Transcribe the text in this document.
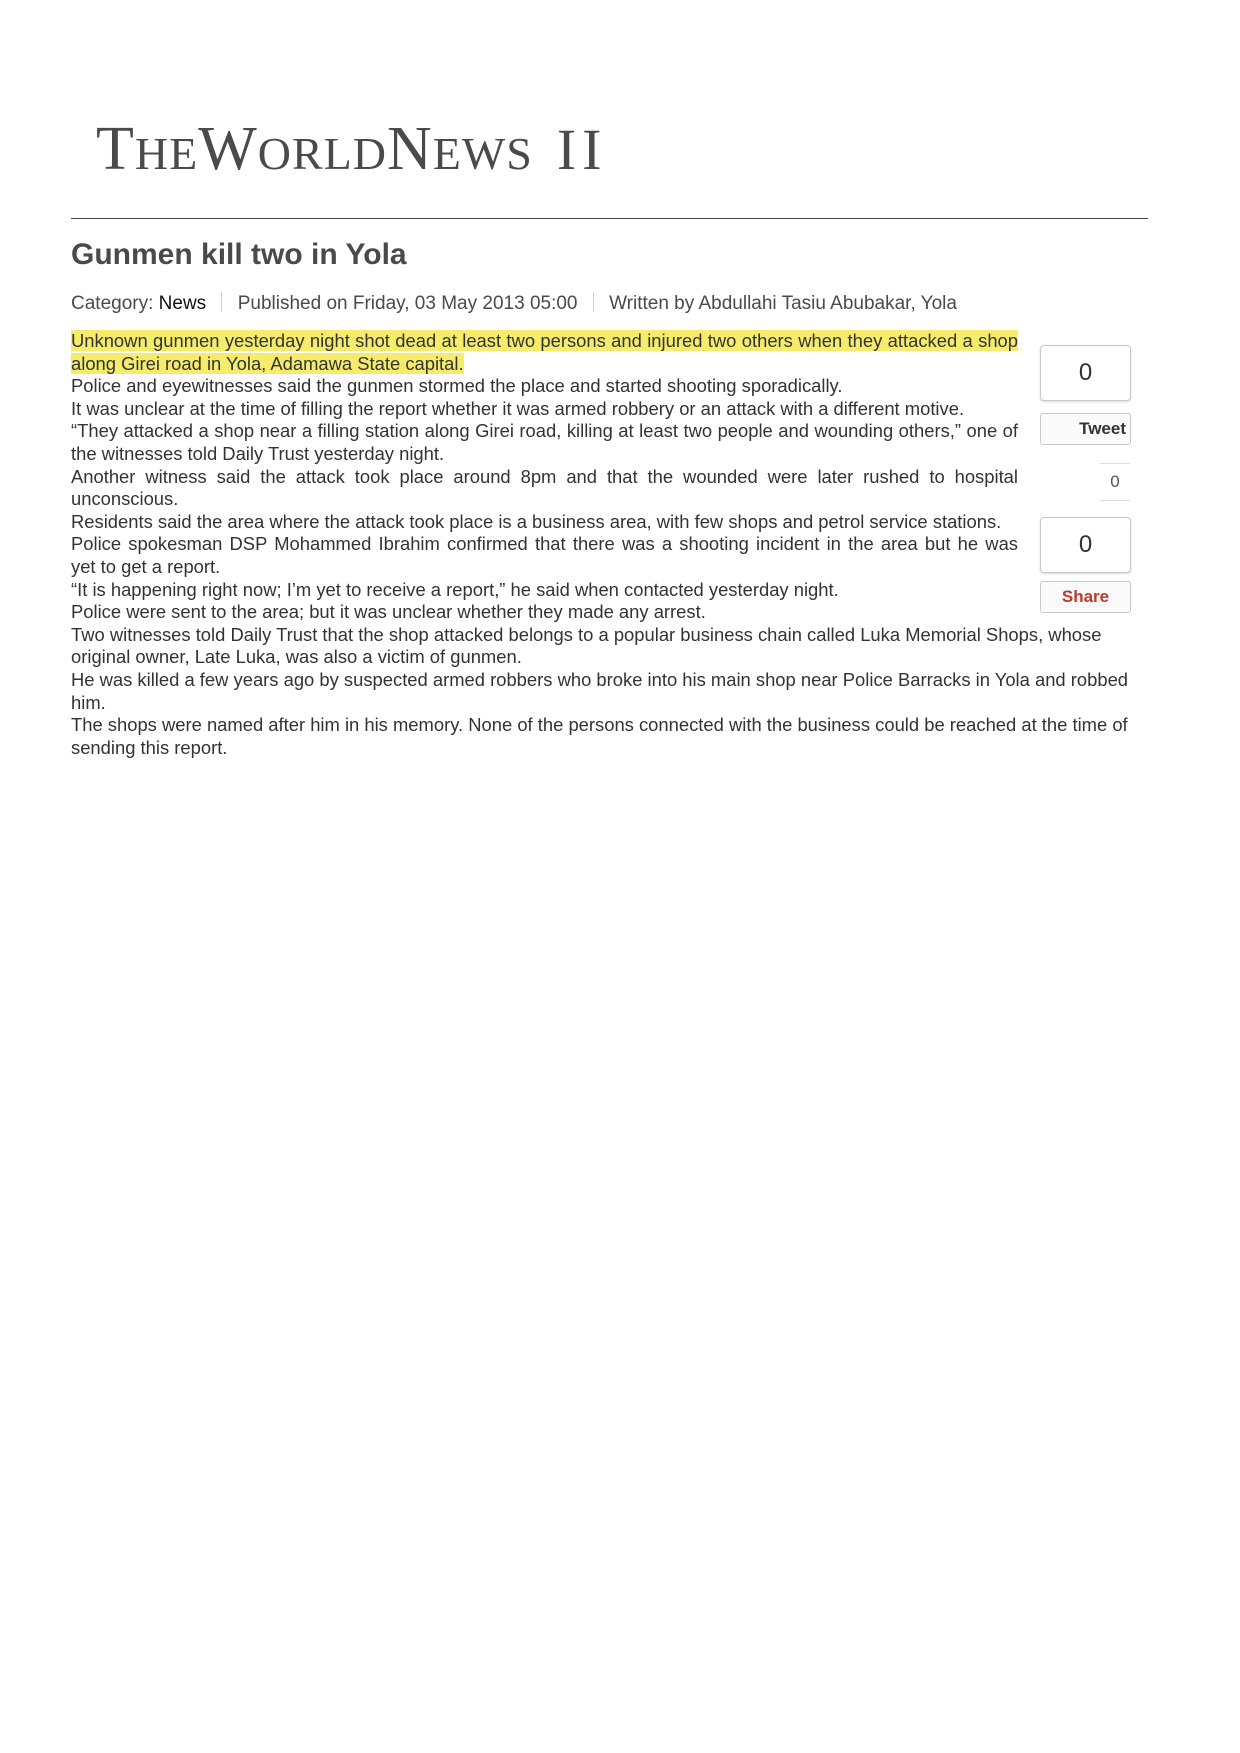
THEWORLDNEWS II
Gunmen kill two in Yola
Category: News Published on Friday, 03 May 2013 05:00 Written by Abdullahi Tasiu Abubakar, Yola

Unknown gunmen yesterday night shot dead at least two persons and injured two others when they attacked a shop along Girei road in Yola, Adamawa State capital.

Police and eyewitnesses said the gunmen stormed the place and started shooting sporadically.

It was unclear at the time of filling the report whether it was armed robbery or an attack with a different motive.

“They attacked a shop near a filling station along Girei road, killing at least two people and wounding others,” one of the witnesses told Daily Trust yesterday night.

Another witness said the attack took place around 8pm and that the wounded were later rushed to hospital unconscious.

Residents said the area where the attack took place is a business area, with few shops and petrol service stations.

Police spokesman DSP Mohammed Ibrahim confirmed that there was a shooting incident in the area but he was    yet to get a report.

“It is happening right now; I’m yet to receive a report,” he said when contacted yesterday night.

Police were sent to the area; but it was unclear whether they made any arrest.

Two witnesses told Daily Trust that the shop attacked belongs to a popular business chain called Luka Memorial Shops, whose original owner, Late Luka, was also a victim of gunmen.

He was killed a few years ago by suspected armed robbers who broke into his main shop near Police Barracks in Yola and robbed him.

The shops were named after him in his memory. None of the persons connected with the business could be reached at the time of sending this report.

0
Tweet
0
0
Share
